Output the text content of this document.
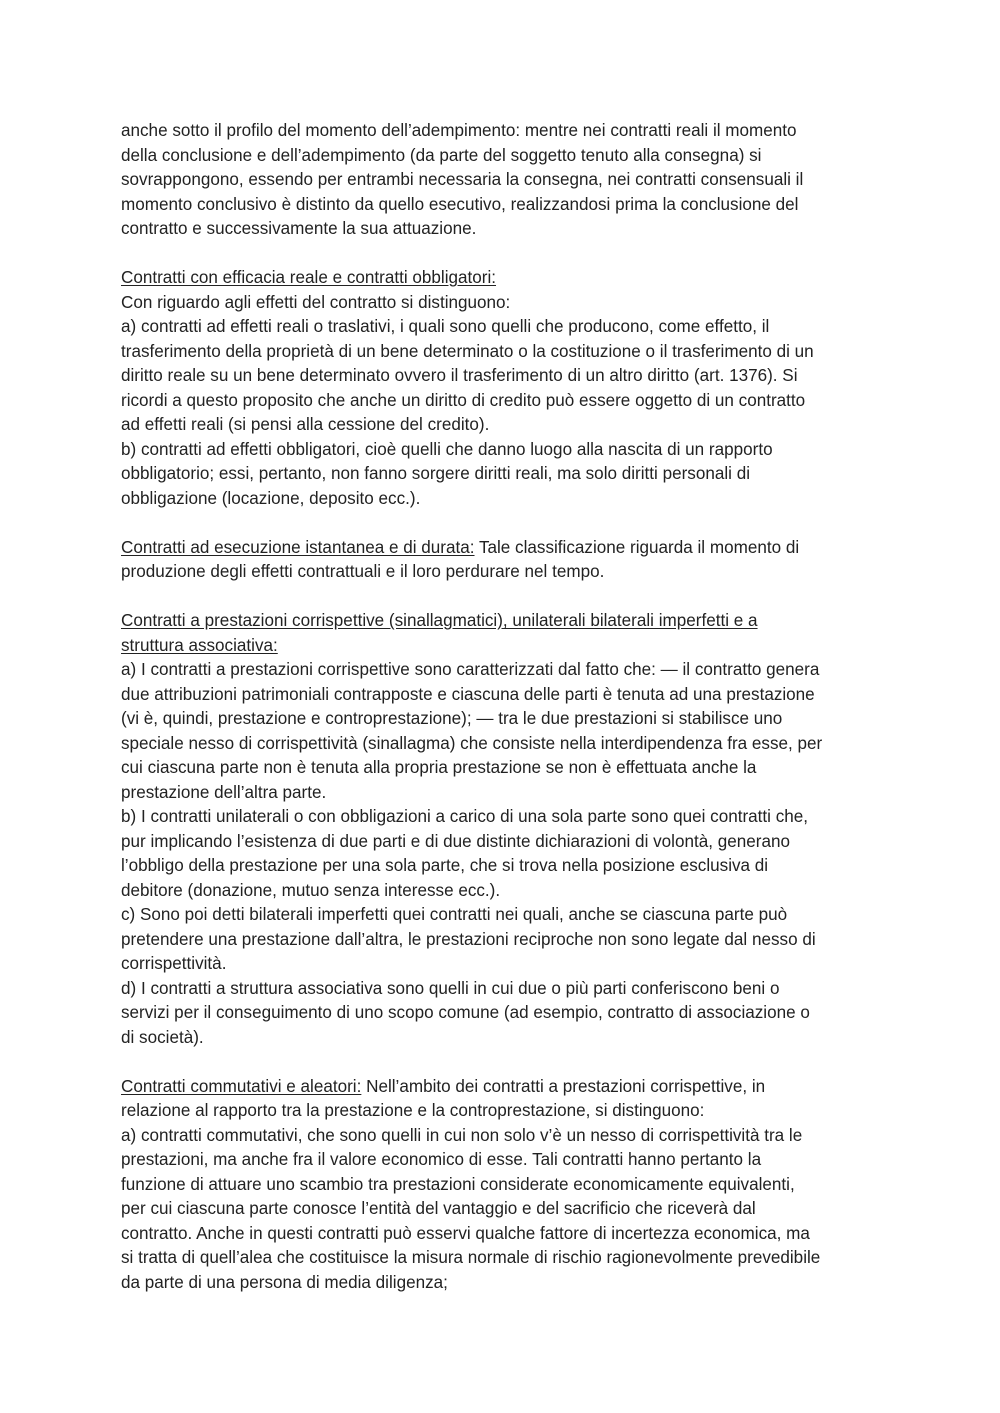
anche sotto il profilo del momento dell’adempimento: mentre nei contratti reali il momento
della conclusione e dell’adempimento (da parte del soggetto tenuto alla consegna) si
sovrappongono, essendo per entrambi necessaria la consegna, nei contratti consensuali il
momento conclusivo è distinto da quello esecutivo, realizzandosi prima la conclusione del
contratto e successivamente la sua attuazione.
Contratti con efficacia reale e contratti obbligatori:
Con riguardo agli effetti del contratto si distinguono:
a) contratti ad effetti reali o traslativi, i quali sono quelli che producono, come effetto, il
trasferimento della proprietà di un bene determinato o la costituzione o il trasferimento di un
diritto reale su un bene determinato ovvero il trasferimento di un altro diritto (art. 1376). Si
ricordi a questo proposito che anche un diritto di credito può essere oggetto di un contratto
ad effetti reali (si pensi alla cessione del credito).
b) contratti ad effetti obbligatori, cioè quelli che danno luogo alla nascita di un rapporto
obbligatorio; essi, pertanto, non fanno sorgere diritti reali, ma solo diritti personali di
obbligazione (locazione, deposito ecc.).
Contratti ad esecuzione istantanea e di durata: Tale classificazione riguarda il momento di
produzione degli effetti contrattuali e il loro perdurare nel tempo.
Contratti a prestazioni corrispettive (sinallagmatici), unilaterali bilaterali imperfetti e a
struttura associativa:
a) I contratti a prestazioni corrispettive sono caratterizzati dal fatto che: — il contratto genera
due attribuzioni patrimoniali contrapposte e ciascuna delle parti è tenuta ad una prestazione
(vi è, quindi, prestazione e controprestazione); — tra le due prestazioni si stabilisce uno
speciale nesso di corrispettività (sinallagma) che consiste nella interdipendenza fra esse, per
cui ciascuna parte non è tenuta alla propria prestazione se non è effettuata anche la
prestazione dell’altra parte.
b) I contratti unilaterali o con obbligazioni a carico di una sola parte sono quei contratti che,
pur implicando l’esistenza di due parti e di due distinte dichiarazioni di volontà, generano
l’obbligo della prestazione per una sola parte, che si trova nella posizione esclusiva di
debitore (donazione, mutuo senza interesse ecc.).
c) Sono poi detti bilaterali imperfetti quei contratti nei quali, anche se ciascuna parte può
pretendere una prestazione dall’altra, le prestazioni reciproche non sono legate dal nesso di
corrispettività.
d) I contratti a struttura associativa sono quelli in cui due o più parti conferiscono beni o
servizi per il conseguimento di uno scopo comune (ad esempio, contratto di associazione o
di società).
Contratti commutativi e aleatori: Nell’ambito dei contratti a prestazioni corrispettive, in
relazione al rapporto tra la prestazione e la controprestazione, si distinguono:
a) contratti commutativi, che sono quelli in cui non solo v’è un nesso di corrispettività tra le
prestazioni, ma anche fra il valore economico di esse. Tali contratti hanno pertanto la
funzione di attuare uno scambio tra prestazioni considerate economicamente equivalenti,
per cui ciascuna parte conosce l’entità del vantaggio e del sacrificio che riceverà dal
contratto. Anche in questi contratti può esservi qualche fattore di incertezza economica, ma
si tratta di quell’alea che costituisce la misura normale di rischio ragionevolmente prevedibile
da parte di una persona di media diligenza;
